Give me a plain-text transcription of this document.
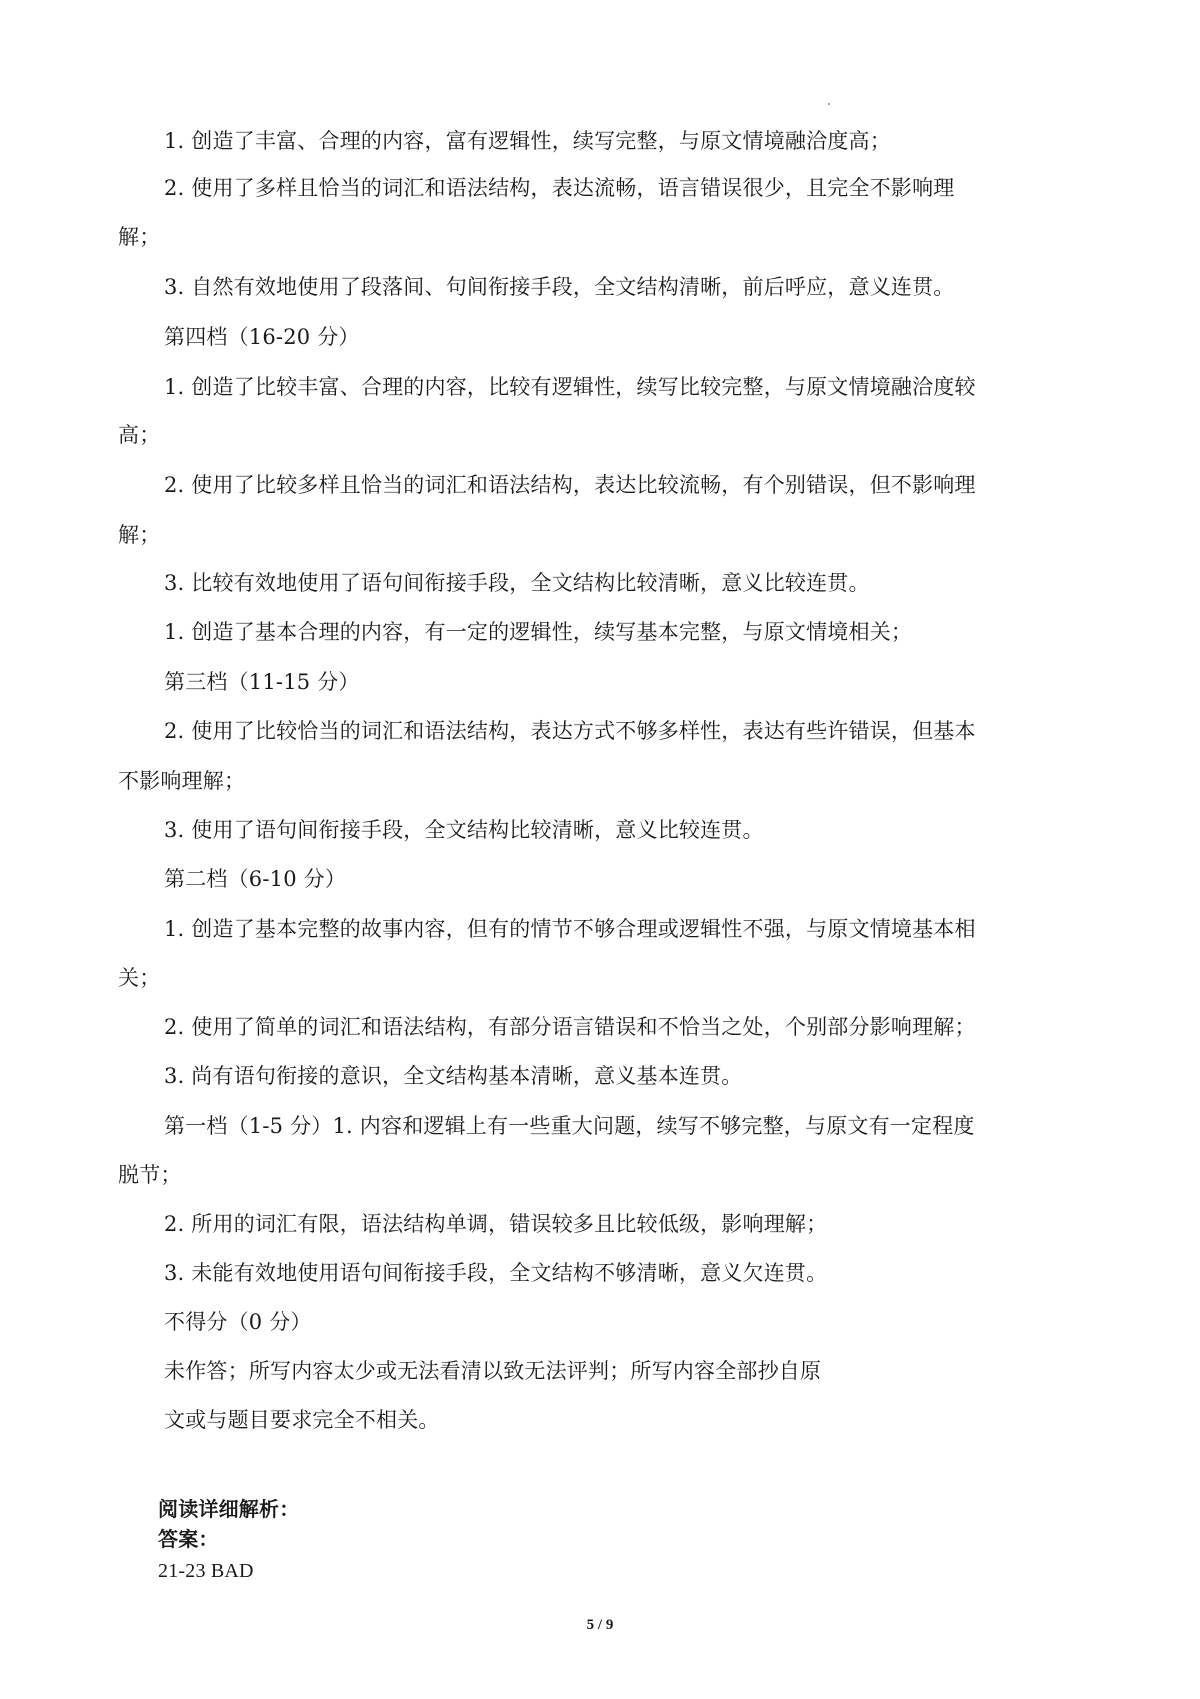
1. 创造了丰富、合理的内容，富有逻辑性，续写完整，与原文情境融洽度高；
2. 使用了多样且恰当的词汇和语法结构，表达流畅，语言错误很少，且完全不影响理
解；
3. 自然有效地使用了段落间、句间衔接手段，全文结构清晰，前后呼应，意义连贯。
第四档（16-20 分）
1. 创造了比较丰富、合理的内容，比较有逻辑性，续写比较完整，与原文情境融洽度较
高；
2. 使用了比较多样且恰当的词汇和语法结构，表达比较流畅，有个别错误，但不影响理
解；
3. 比较有效地使用了语句间衔接手段，全文结构比较清晰，意义比较连贯。
1. 创造了基本合理的内容，有一定的逻辑性，续写基本完整，与原文情境相关；
第三档（11-15 分）
2. 使用了比较恰当的词汇和语法结构，表达方式不够多样性，表达有些许错误，但基本
不影响理解；
3. 使用了语句间衔接手段，全文结构比较清晰，意义比较连贯。
第二档（6-10 分）
1. 创造了基本完整的故事内容，但有的情节不够合理或逻辑性不强，与原文情境基本相
关；
2. 使用了简单的词汇和语法结构，有部分语言错误和不恰当之处，个别部分影响理解；
3. 尚有语句衔接的意识，全文结构基本清晰，意义基本连贯。
第一档（1-5 分）1. 内容和逻辑上有一些重大问题，续写不够完整，与原文有一定程度
脱节；
2. 所用的词汇有限，语法结构单调，错误较多且比较低级，影响理解；
3. 未能有效地使用语句间衔接手段，全文结构不够清晰，意义欠连贯。
不得分（0 分）
未作答；所写内容太少或无法看清以致无法评判；所写内容全部抄自原
文或与题目要求完全不相关。
阅读详细解析：
答案：
21-23 BAD
5 / 9
